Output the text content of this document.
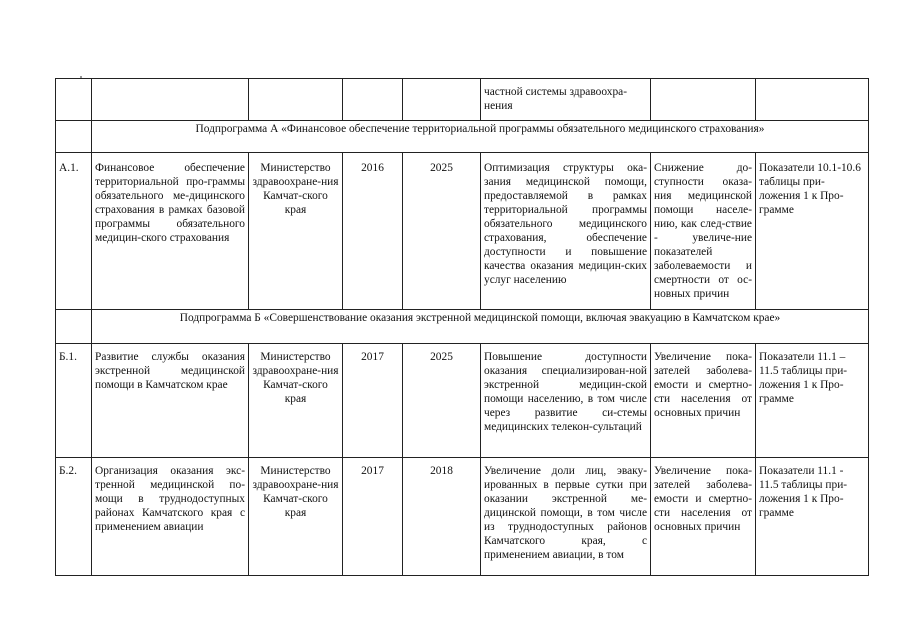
					частной системы здравоохра-нения		
	Подпрограмма А «Финансовое обеспечение территориальной программы обязательного медицинского страхования»						
А.1.	Финансовое обеспечение территориальной про-граммы обязательного ме-дицинского страхования в рамках базовой программы обязательного медицин-ского страхования	Министерство здравоохране-ния Камчат-ского края	2016	2025	Оптимизация структуры ока-зания медицинской помощи, предоставляемой в рамках территориальной программы обязательного медицинского страхования, обеспечение доступности и повышение качества оказания медицин-ских услуг населению	Снижение до-ступности оказа-ния медицинской помощи населе-нию, как след-ствие - увеличе-ние показателей заболеваемости и смертности от ос-новных причин	Показатели 10.1-10.6 таблицы при-ложения 1 к Про-грамме
	Подпрограмма Б «Совершенствование оказания экстренной медицинской помощи, включая эвакуацию в Камчатском крае»						
Б.1.	Развитие службы оказания экстренной медицинской помощи в Камчатском крае	Министерство здравоохране-ния Камчат-ского края	2017	2025	Повышение доступности оказания специализирован-ной экстренной медицин-ской помощи населению, в том числе через развитие си-стемы медицинских телекон-сультаций	Увеличение пока-зателей заболева-емости и смертно-сти населения от основных причин	Показатели 11.1 – 11.5 таблицы при-ложения 1 к Про-грамме
Б.2.	Организация оказания экс-тренной медицинской по-мощи в труднодоступных районах Камчатского края с применением авиации	Министерство здравоохране-ния Камчат-ского края	2017	2018	Увеличение доли лиц, эваку-ированных в первые сутки при оказании экстренной ме-дицинской помощи, в том числе из труднодоступных районов Камчатского края, с применением авиации, в том	Увеличение пока-зателей заболева-емости и смертно-сти населения от основных причин	Показатели 11.1 - 11.5 таблицы при-ложения 1 к Про-грамме
